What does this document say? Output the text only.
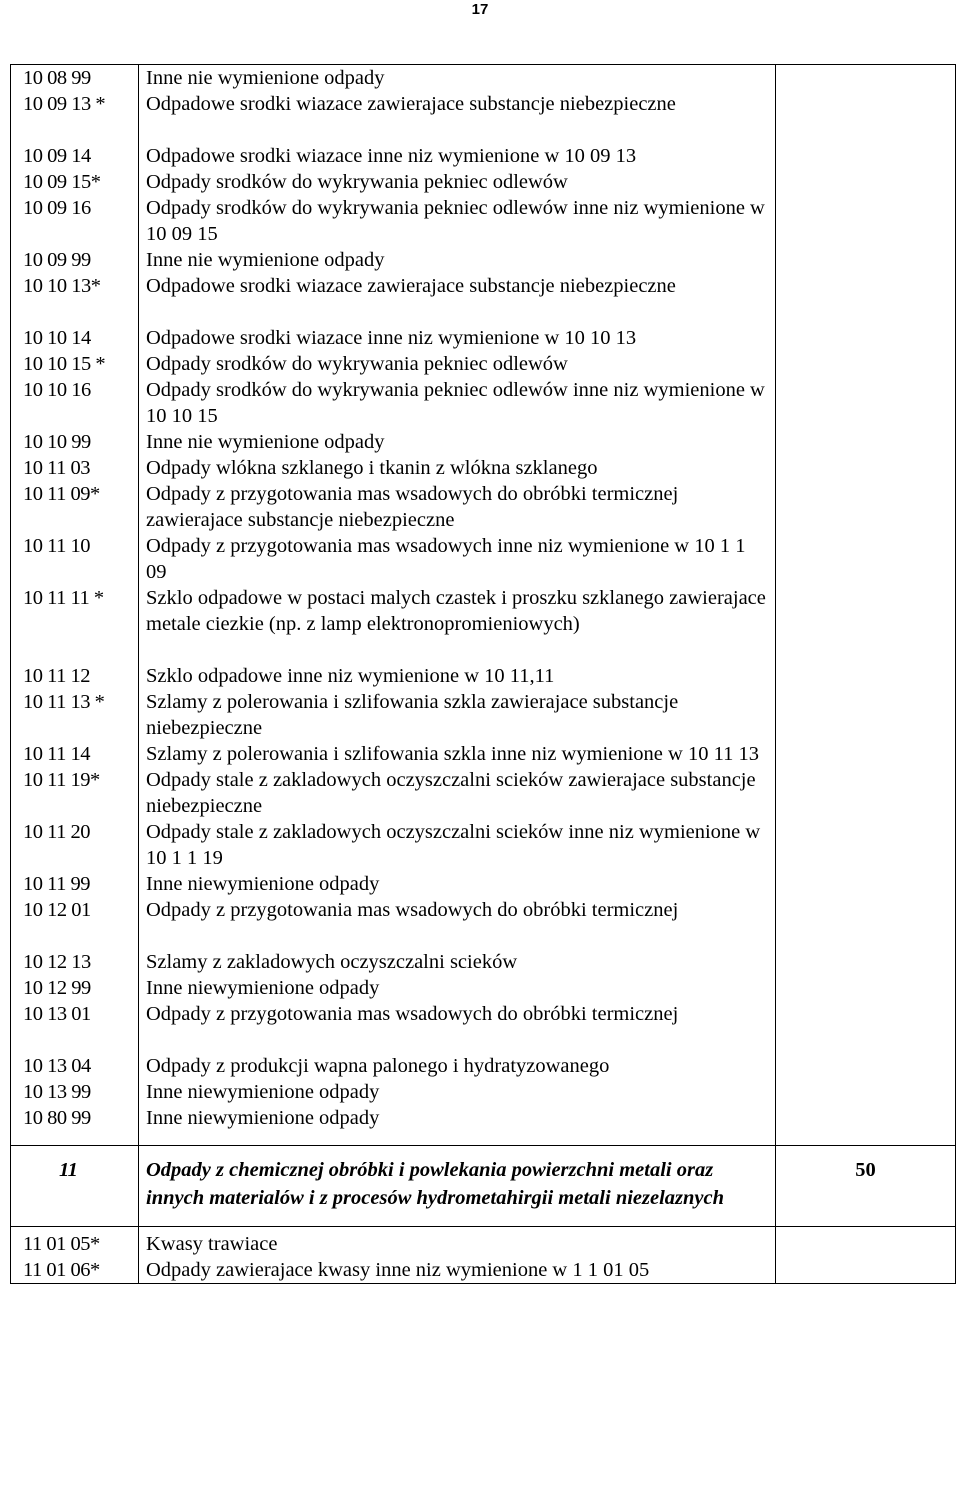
17
10 08 99	Inne nie wymienione odpady	
10 09 13 *	Odpadowe srodki wiazace zawierajace substancje niebezpieczne	

10 09 14	Odpadowe srodki wiazace inne niz wymienione w 10 09 13	
10 09 15*	Odpady srodków do wykrywania pekniec odlewów	
10 09 16	Odpady srodków do wykrywania pekniec odlewów inne niz wymienione w 10 09 15	
10 09 99	Inne nie wymienione odpady	
10 10 13*	Odpadowe srodki wiazace zawierajace substancje niebezpieczne	

10 10 14	Odpadowe srodki wiazace inne niz wymienione w 10 10 13	
10 10 15 *	Odpady srodków do wykrywania pekniec odlewów	
10 10 16	Odpady srodków do wykrywania pekniec odlewów inne niz wymienione w 10 10 15	
10 10 99	Inne nie wymienione odpady	
10 11 03	Odpady wlókna szklanego i tkanin z wlókna szklanego	
10 11 09*	Odpady z przygotowania mas wsadowych do obróbki termicznej zawierajace substancje niebezpieczne	
10 11 10	Odpady z przygotowania mas wsadowych inne niz wymienione w 10 1 1 09	
10 11 11 *	Szklo odpadowe w postaci malych czastek i proszku szklanego zawierajace metale ciezkie (np. z lamp elektronopromieniowych)	

10 11 12	Szklo odpadowe inne niz wymienione w 10 11,11	
10 11 13 *	Szlamy z polerowania i szlifowania szkla zawierajace substancje niebezpieczne	
10 11 14	Szlamy z polerowania i szlifowania szkla inne niz wymienione w 10 11 13	
10 11 19*	Odpady stale z zakladowych oczyszczalni scieków zawierajace substancje niebezpieczne	
10 11 20	Odpady stale z zakladowych oczyszczalni scieków inne niz wymienione w 10 1 1 19	
10 11 99	Inne niewymienione odpady	
10 12 01	Odpady z przygotowania mas wsadowych do obróbki termicznej	

10 12 13	Szlamy z zakladowych oczyszczalni scieków	
10 12 99	Inne niewymienione odpady	
10 13 01	Odpady z przygotowania mas wsadowych do obróbki termicznej	

10 13 04	Odpady z produkcji wapna palonego i hydratyzowanego	
10 13 99	Inne niewymienione odpady	
10 80 99	Inne niewymienione odpady	
11	Odpady z chemicznej obróbki i powlekania powierzchni metali oraz innych materialów i z procesów hydrometahirgii metali niezelaznych	50
11 01 05*	Kwasy trawiace	
11 01 06*	Odpady zawierajace kwasy inne niz wymienione w 1 1 01 05	
